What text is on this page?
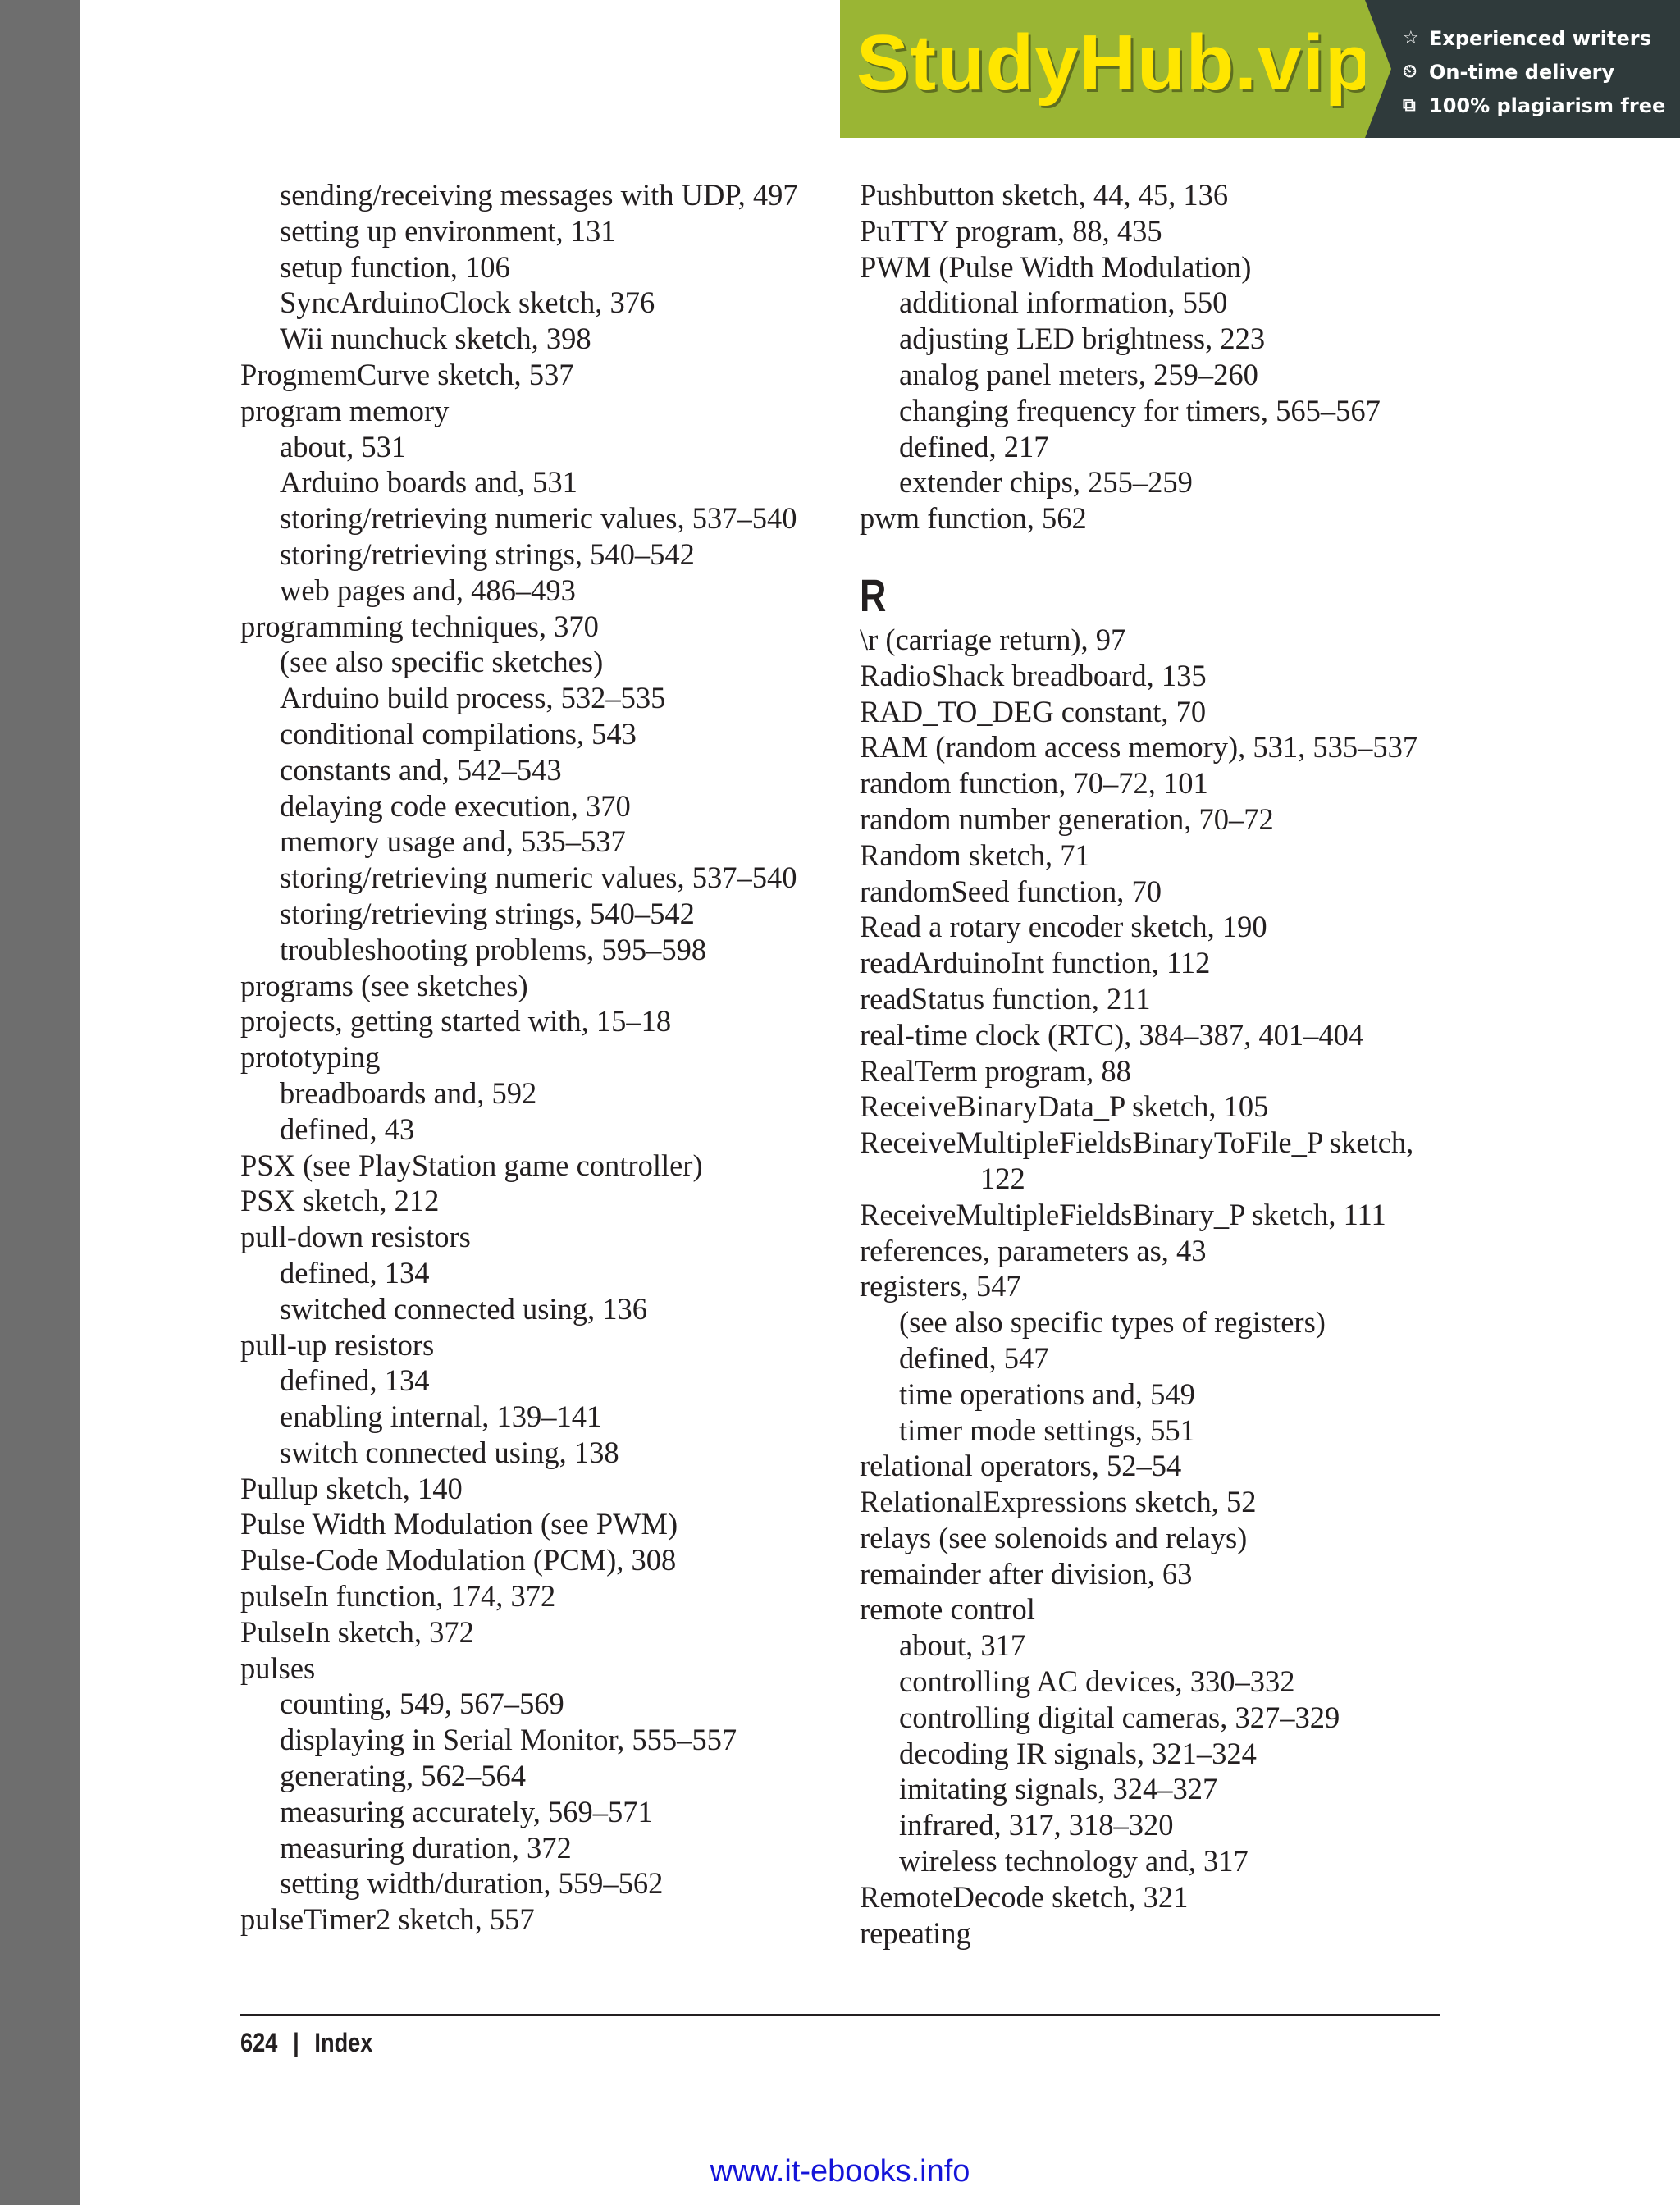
StudyHub.vip ☆ Experienced writers
⏲ On-time delivery
⧉ 100% plagiarism free
sending/receiving messages with UDP, 497
setting up environment, 131
setup function, 106
SyncArduinoClock sketch, 376
Wii nunchuck sketch, 398
ProgmemCurve sketch, 537
program memory
about, 531
Arduino boards and, 531
storing/retrieving numeric values, 537–540
storing/retrieving strings, 540–542
web pages and, 486–493
programming techniques, 370
(see also specific sketches)
Arduino build process, 532–535
conditional compilations, 543
constants and, 542–543
delaying code execution, 370
memory usage and, 535–537
storing/retrieving numeric values, 537–540
storing/retrieving strings, 540–542
troubleshooting problems, 595–598
programs (see sketches)
projects, getting started with, 15–18
prototyping
breadboards and, 592
defined, 43
PSX (see PlayStation game controller)
PSX sketch, 212
pull-down resistors
defined, 134
switched connected using, 136
pull-up resistors
defined, 134
enabling internal, 139–141
switch connected using, 138
Pullup sketch, 140
Pulse Width Modulation (see PWM)
Pulse-Code Modulation (PCM), 308
pulseIn function, 174, 372
PulseIn sketch, 372
pulses
counting, 549, 567–569
displaying in Serial Monitor, 555–557
generating, 562–564
measuring accurately, 569–571
measuring duration, 372
setting width/duration, 559–562
pulseTimer2 sketch, 557
Pushbutton sketch, 44, 45, 136
PuTTY program, 88, 435
PWM (Pulse Width Modulation)
additional information, 550
adjusting LED brightness, 223
analog panel meters, 259–260
changing frequency for timers, 565–567
defined, 217
extender chips, 255–259
pwm function, 562
R
\r (carriage return), 97
RadioShack breadboard, 135
RAD_TO_DEG constant, 70
RAM (random access memory), 531, 535–537
random function, 70–72, 101
random number generation, 70–72
Random sketch, 71
randomSeed function, 70
Read a rotary encoder sketch, 190
readArduinoInt function, 112
readStatus function, 211
real-time clock (RTC), 384–387, 401–404
RealTerm program, 88
ReceiveBinaryData_P sketch, 105
ReceiveMultipleFieldsBinaryToFile_P sketch,
122
ReceiveMultipleFieldsBinary_P sketch, 111
references, parameters as, 43
registers, 547
(see also specific types of registers)
defined, 547
time operations and, 549
timer mode settings, 551
relational operators, 52–54
RelationalExpressions sketch, 52
relays (see solenoids and relays)
remainder after division, 63
remote control
about, 317
controlling AC devices, 330–332
controlling digital cameras, 327–329
decoding IR signals, 321–324
imitating signals, 324–327
infrared, 317, 318–320
wireless technology and, 317
RemoteDecode sketch, 321
repeating
624 | Index
www.it-ebooks.info
